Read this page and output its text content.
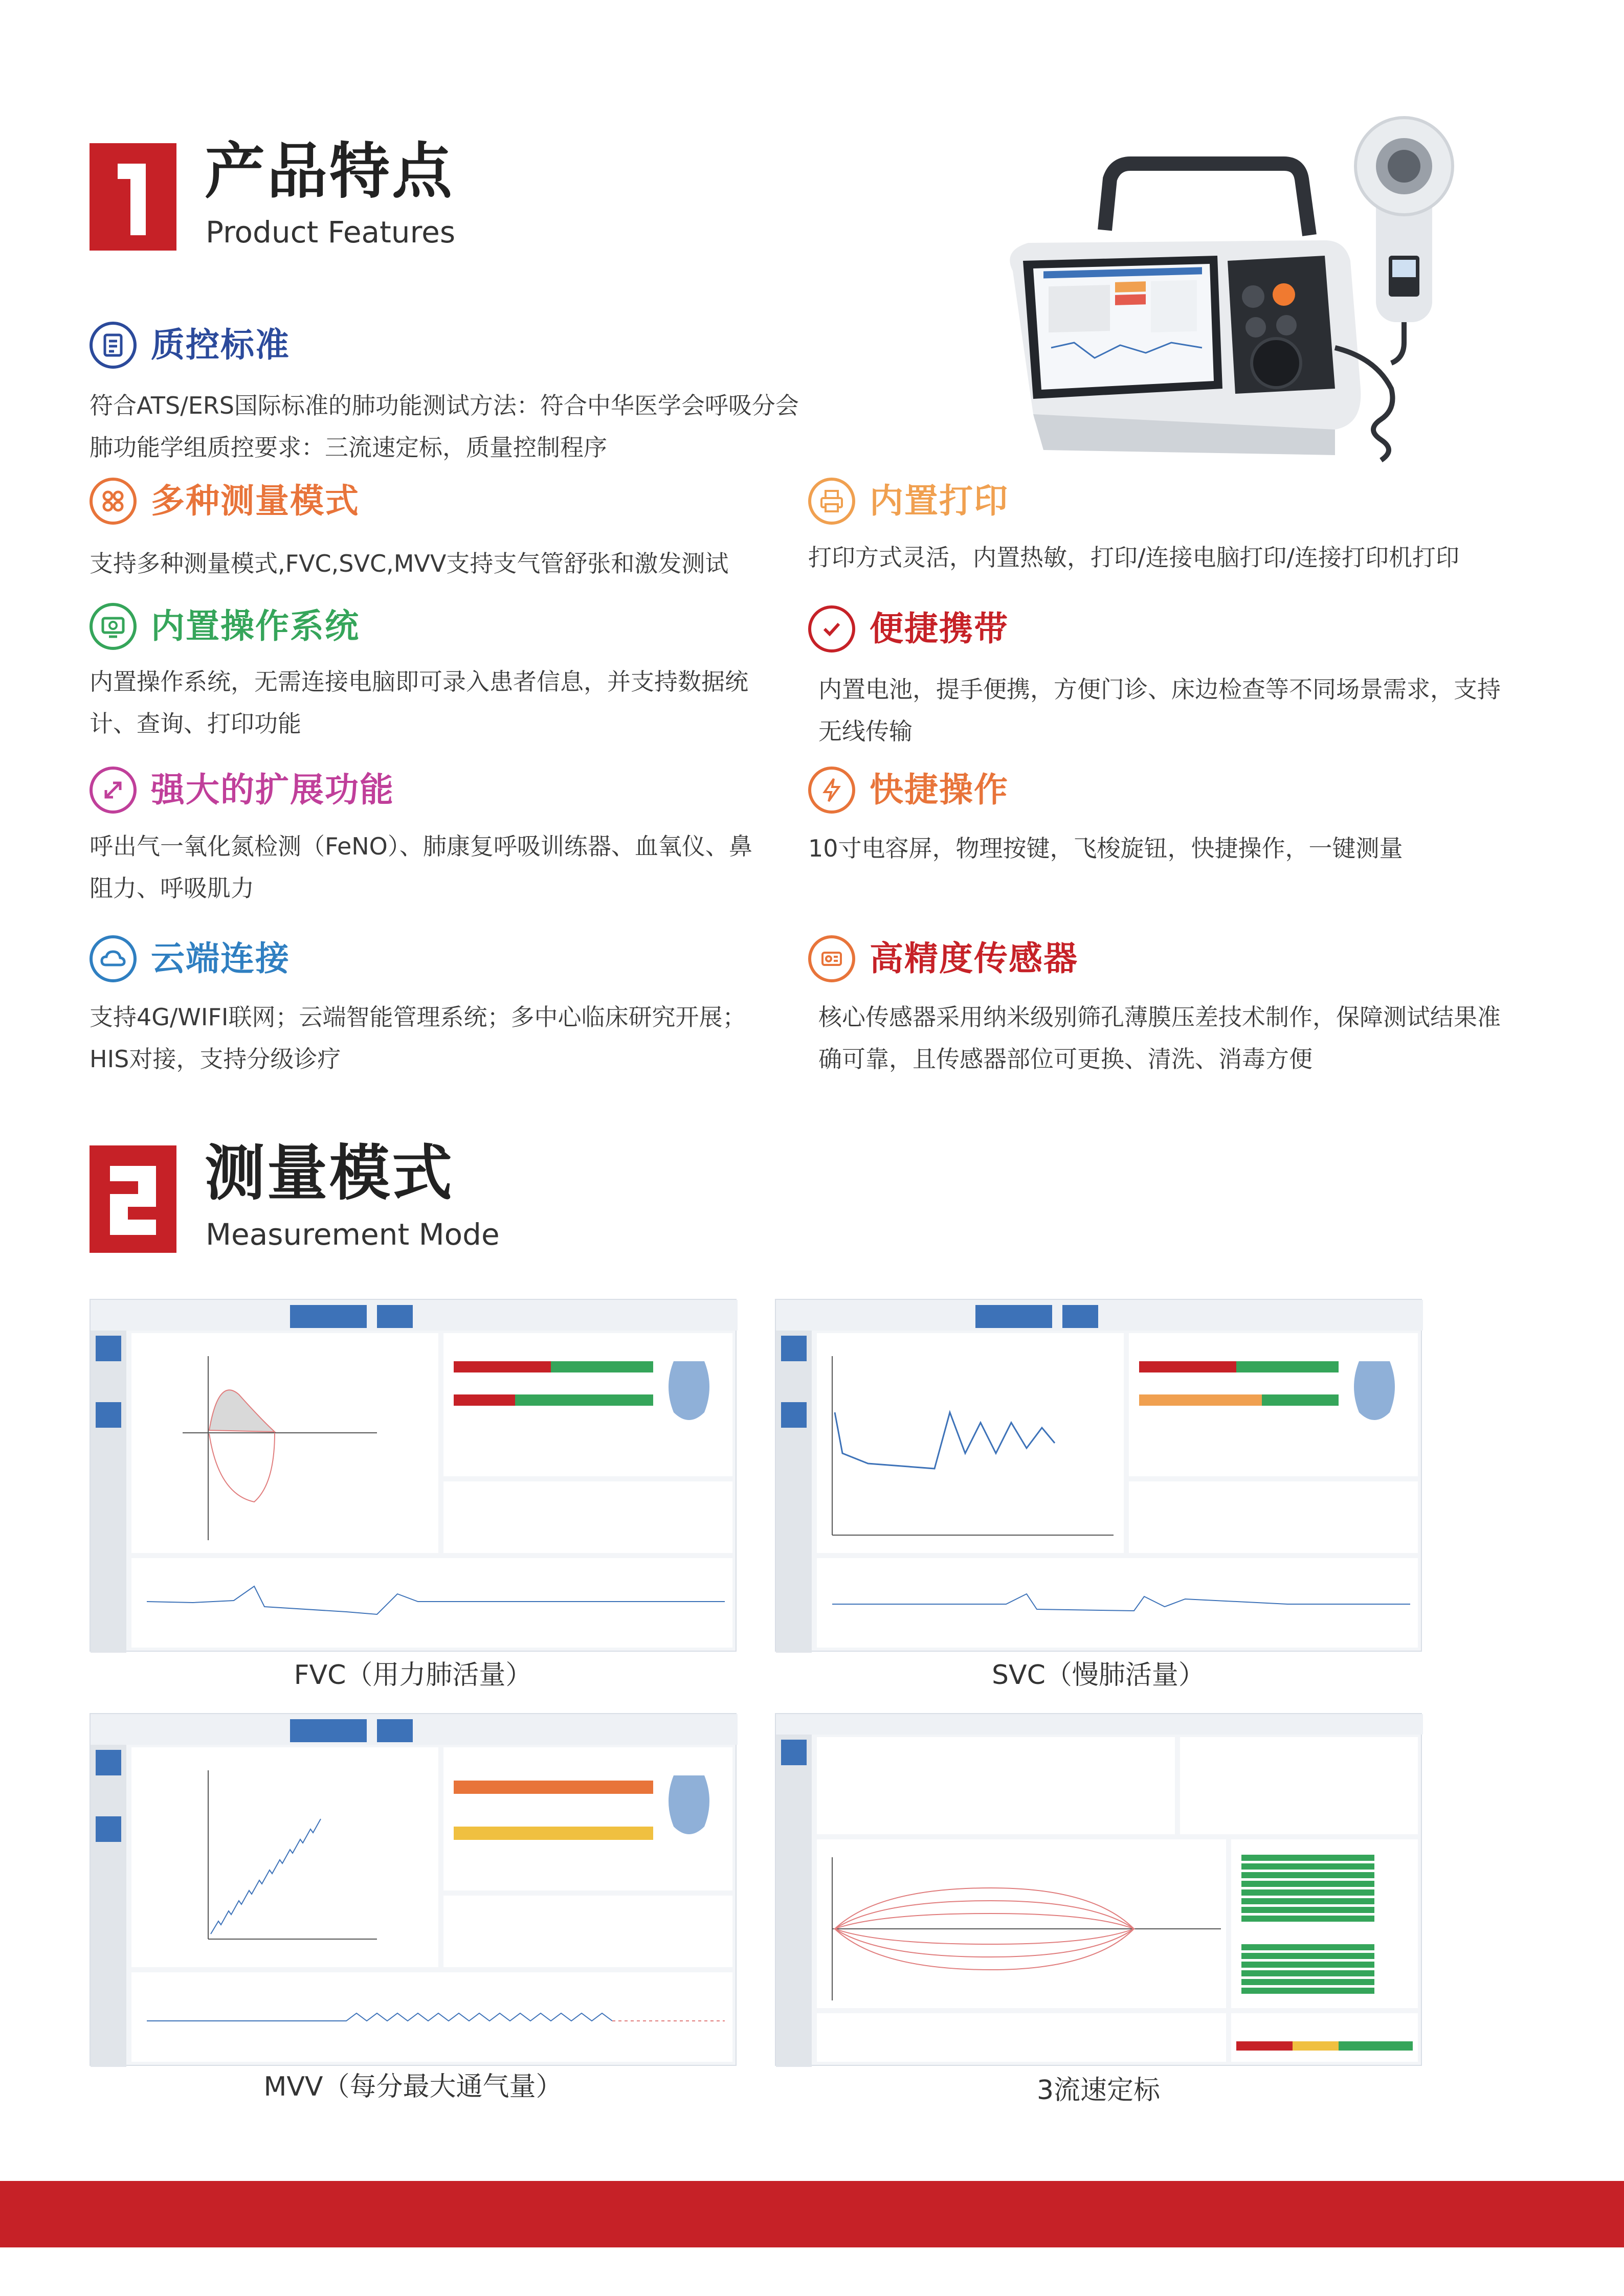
产品特点
Product Features
质控标准
符合ATS/ERS国际标准的肺功能测试方法：符合中华医学会呼吸分会肺功能学组质控要求：三流速定标，质量控制程序
多种测量模式
支持多种测量模式,FVC,SVC,MVV支持支气管舒张和激发测试
内置操作系统
内置操作系统，无需连接电脑即可录入患者信息，并支持数据统计、查询、打印功能
强大的扩展功能
呼出气一氧化氮检测（FeNO）、肺康复呼吸训练器、血氧仪、鼻阻力、呼吸肌力
云端连接
支持4G/WIFI联网；云端智能管理系统；多中心临床研究开展；HIS对接，支持分级诊疗
内置打印
打印方式灵活，内置热敏，打印/连接电脑打印/连接打印机打印
便捷携带
内置电池，提手便携，方便门诊、床边检查等不同场景需求，支持无线传输
快捷操作
10寸电容屏，物理按键，飞梭旋钮，快捷操作，一键测量
高精度传感器
核心传感器采用纳米级别筛孔薄膜压差技术制作，保障测试结果准确可靠，且传感器部位可更换、清洗、消毒方便
测量模式
Measurement Mode
FVC（用力肺活量）	SVC（慢肺活量）
MVV（每分最大通气量）	3流速定标
